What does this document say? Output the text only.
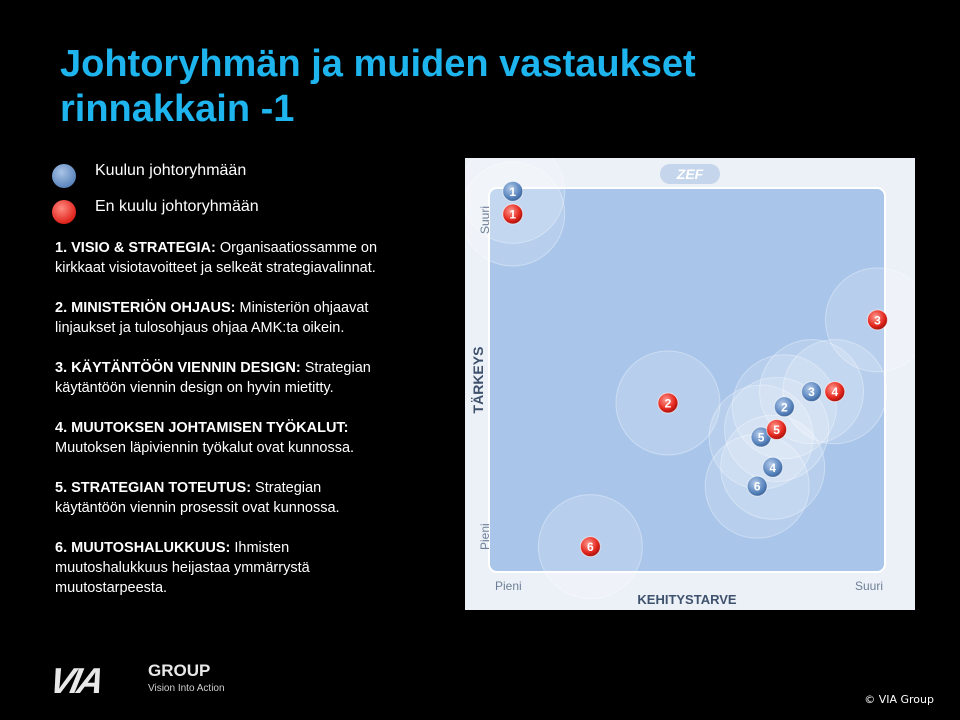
Johtoryhmän ja muiden vastaukset rinnakkain -1
Kuulun johtoryhmään
En kuulu johtoryhmään

1. VISIO & STRATEGIA: Organisaatiossamme on kirkkaat visiotavoitteet ja selkeät strategiavalinnat.

2. MINISTERIÖN OHJAUS: Ministeriön ohjaavat linjaukset ja tulosohjaus ohjaa AMK:ta oikein.

3. KÄYTÄNTÖÖN VIENNIN DESIGN: Strategian käytäntöön viennin design on hyvin mietitty.

4. MUUTOKSEN JOHTAMISEN TYÖKALUT: Muutoksen läpiviennin työkalut ovat kunnossa.

5. STRATEGIAN TOTEUTUS: Strategian käytäntöön viennin prosessit ovat kunnossa.

6. MUUTOSHALUKKUUS: Ihmisten muutoshalukkuus heijastaa ymmärrystä muutostarpeesta.

ZEF
1
2
3
4
5
6
1
2
3
4
5
6
Suuri
Pieni
TÄRKEYS
Pieni	Suuri
KEHITYSTARVE
VIA	GROUP
Vision Into Action
© VIA Group
